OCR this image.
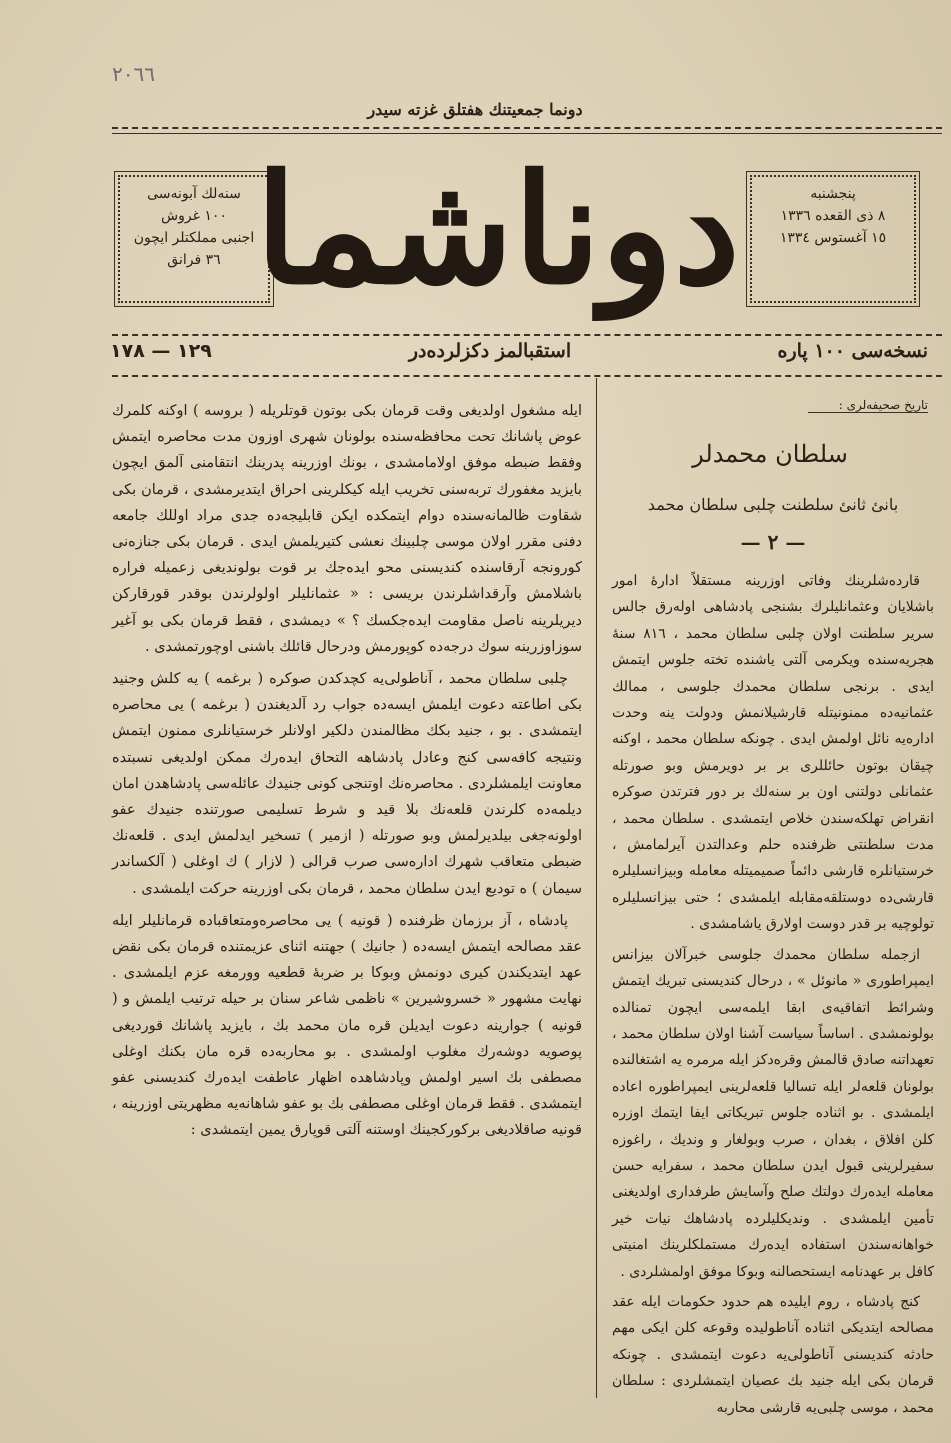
٢٠٦٦
دونما جمعیتنك هفتلق غزته سیدر
سنه‌لك آبونه‌سی
١٠٠ غروش
اجنبی مملكتلر ایچون
٣٦ فرانق دوناشما	پنجشنبه
٨ ذی القعده ١٣٣٦
١٥ آغستوس ١٣٣٤
نسخه‌سی ١٠٠ پاره
استقبالمز دكزلرده‌در
١٢٩ — ١٧٨
تاریخ صحیفه‌لری :
سلطان محمدلر
بانئ ثانئ سلطنت چلبی سلطان محمد
— ٢ —

قارده‌شلرینك وفاتی اوزرینه مستقلاً ادارهٔ امور باشلایان وعثمانلیلرك بشنجی پادشاهی اوله‌رق جالس سریر سلطنت اولان چلبی سلطان محمد ، ٨١٦ سنهٔ هجریه‌سنده ویكرمی آلتی یاشنده تخته جلوس ایتمش ایدی . برنجی سلطان محمدك جلوسی ، ممالك عثمانیه‌ده ممنونیتله قارشیلانمش ودولت ینه وحدت اداره‌یه نائل اولمش ایدی . چونكه سلطان محمد ، اوكنه چیقان بوتون حائللری بر بر دویرمش وبو صورتله عثمانلی دولتنی اون بر سنه‌لك بر دور فترتدن صوكره انقراض تهلكه‌سندن خلاص ایتمشدی . سلطان محمد ، مدت سلطنتی ظرفنده حلم وعدالتدن آیرلمامش ، خرستیانلره قارشی دائماً صمیمیتله معامله وبیزانسلیلره قارشی‌ده دوستلقه‌مقابله ایلمشدی ؛ حتی بیزانسلیلر‌ه‌ تولوچیه بر قدر دوست اولارق یاشامشدی .

ازجمله سلطان محمدك جلوسی خبرآلان بیزانس ایمپراطوری « مانوئل » ، درحال كندیسنی تبریك ایتمش وشرائط اتفاقیه‌ی ابقا ایلمه‌سی ایچون تمنالده بولونمشدی . اساساً سیاست آشنا اولان سلطان محمد ، تعهداتنه صادق قالمش وقره‌دكز ایله مرمره یه اشتغالنده بولونان قلعه‌لر ایله تساليا قلعه‌لرینی ایمپراطوره اعاده ایلمشدی . بو اثناده جلوس تبریكاتی ایفا ایتمك اوزره كلن افلاق ، بغدان ، صرب وبولغار و وندیك ، راغوزه سفیرلرینی قبول ایدن سلطان محمد ، سفرایه حسن معامله ایده‌رك دولتك صلح وآسایش طرفداری اولدیغنی تأمین ایلمشدی . وندیكلیلرده پادشاهك نیات خیر خواهانه‌سندن استفاده ایده‌رك مستملكلرینك امنیتی كافل بر عهدنامه ایستحصالنه وبوكا موفق اولمشلردی .

كنج پادشاه ، روم ایلیده هم حدود حكومات ایله عقد مصالحه ایتدیكی اثناده آناطولیده وقوعه كلن ایكی مهم حادثه كندیسنی آناطولی‌یه دعوت ایتمشدی . چونكه قرمان بكی ایله جنید بك عصیان ایتمشلردی : سلطان محمد ، موسی چلبی‌یه قارشی محاربه

ایله مشغول اولدیغی وقت قرمان بكی بوتون قوتلریله ( بروسه ) اوكنه كلمرك عوض پاشانك تحت محافظه‌سنده بولونان شهری اوزون مدت محاصره ایتمش وفقط ضبطه موفق اولامامشدی ، بونك اوزرینه پدرینك انتقامنی آلمق ایچون بایزید مغفورك تربه‌سنی تخریب ایله كیكلرینی احراق ایتدیرمشدی ، قرمان بكی شقاوت ظالمانه‌سنده دوام ایتمكده ایكن قابلیجه‌ده جدی مراد اوللك جامعه دفنی مقرر اولان موسی چلبینك نعشی كتیریلمش ایدی . قرمان بكی جنازه‌نی كورونجه آرقاسنده كندیسنی محو ایده‌جك بر قوت بولوندیغی زعمیله فراره باشلامش وآرقداشلرندن بریسی : « عثمانلیلر اولولرندن بوقدر قورقاركن دیریلرینه ناصل مقاومت ایده‌جكسك ؟ » دیمشدی ، فقط قرمان بكی بو آغیر سوزاوزرینه سوك درجه‌ده كوپورمش ودرحال قائلك باشنی اوچورتمشدی .

چلبی سلطان محمد ، آناطولی‌یه كچدكدن صوكره ( برغمه ) یه كلش وجنید بكی اطاعته دعوت ایلمش ایسه‌ده جواب رد آلدیغندن ( برغمه ) یی محاصره ایتمشدی . بو ، جنید بكك مظالمندن دلكیر اولانلر خرستیانلری ممنون ایتمش ونتیجه كافه‌سی كنج وعادل پادشاهه التحاق ایده‌رك ممكن اولدیغی نسبتده معاونت ایلمشلردی . محاصره‌نك اوتنجی كونی جنیدك عائله‌سی پادشاهدن امان دیلمه‌ده كلرندن قلعه‌نك بلا قید و شرط تسلیمی صورتنده جنیدك عفو اولونه‌جغی بیلدیرلمش وبو صورتله ( ازمیر ) تسخیر ایدلمش ایدی . قلعه‌نك ضبطی متعاقب شهرك اداره‌سی صرب قرالی ( لازار ) ك اوغلی ( آلكساندر سیمان ) ه تودیع ایدن سلطان محمد ، قرمان بكی اوزرینه حركت ایلمشدی .

پادشاه ، آز برزمان ظرفنده ( قونیه ) یی محاصره‌ومتعاقبا‌ده قرمانلیلر ایله عقد مصالحه ایتمش ایسه‌ده ( جانیك ) جهتنه اثنای عزیمتنده قرمان بكی نقض عهد ایتدیكندن كیری دونمش وبوكا بر ضربهٔ قطعیه وورمغه عزم ایلمشدی . نهایت مشهور « خسروشیرین » ناظمی شاعر سنان بر حیله ترتیب ایلمش و ( قونیه ) جوارینه دعوت ایدیلن قره مان محمد بك ، بایزید پاشانك قوردیغی پوصویه دوشه‌رك مغلوب اولمشدی . بو محاربه‌ده قره مان بكنك اوغلی مصطفی بك اسیر اولمش وپادشاهده اظهار عاطفت ایده‌رك كندیسنی عفو ایتمشدی . فقط قرمان اوغلی مصطفی بك بو عفو شاهانه‌یه مظهریتی اوزرینه ، قونیه صاقلادیغی بركوركجینك اوستنه آلتی قوپارق یمین ایتمشدی :
